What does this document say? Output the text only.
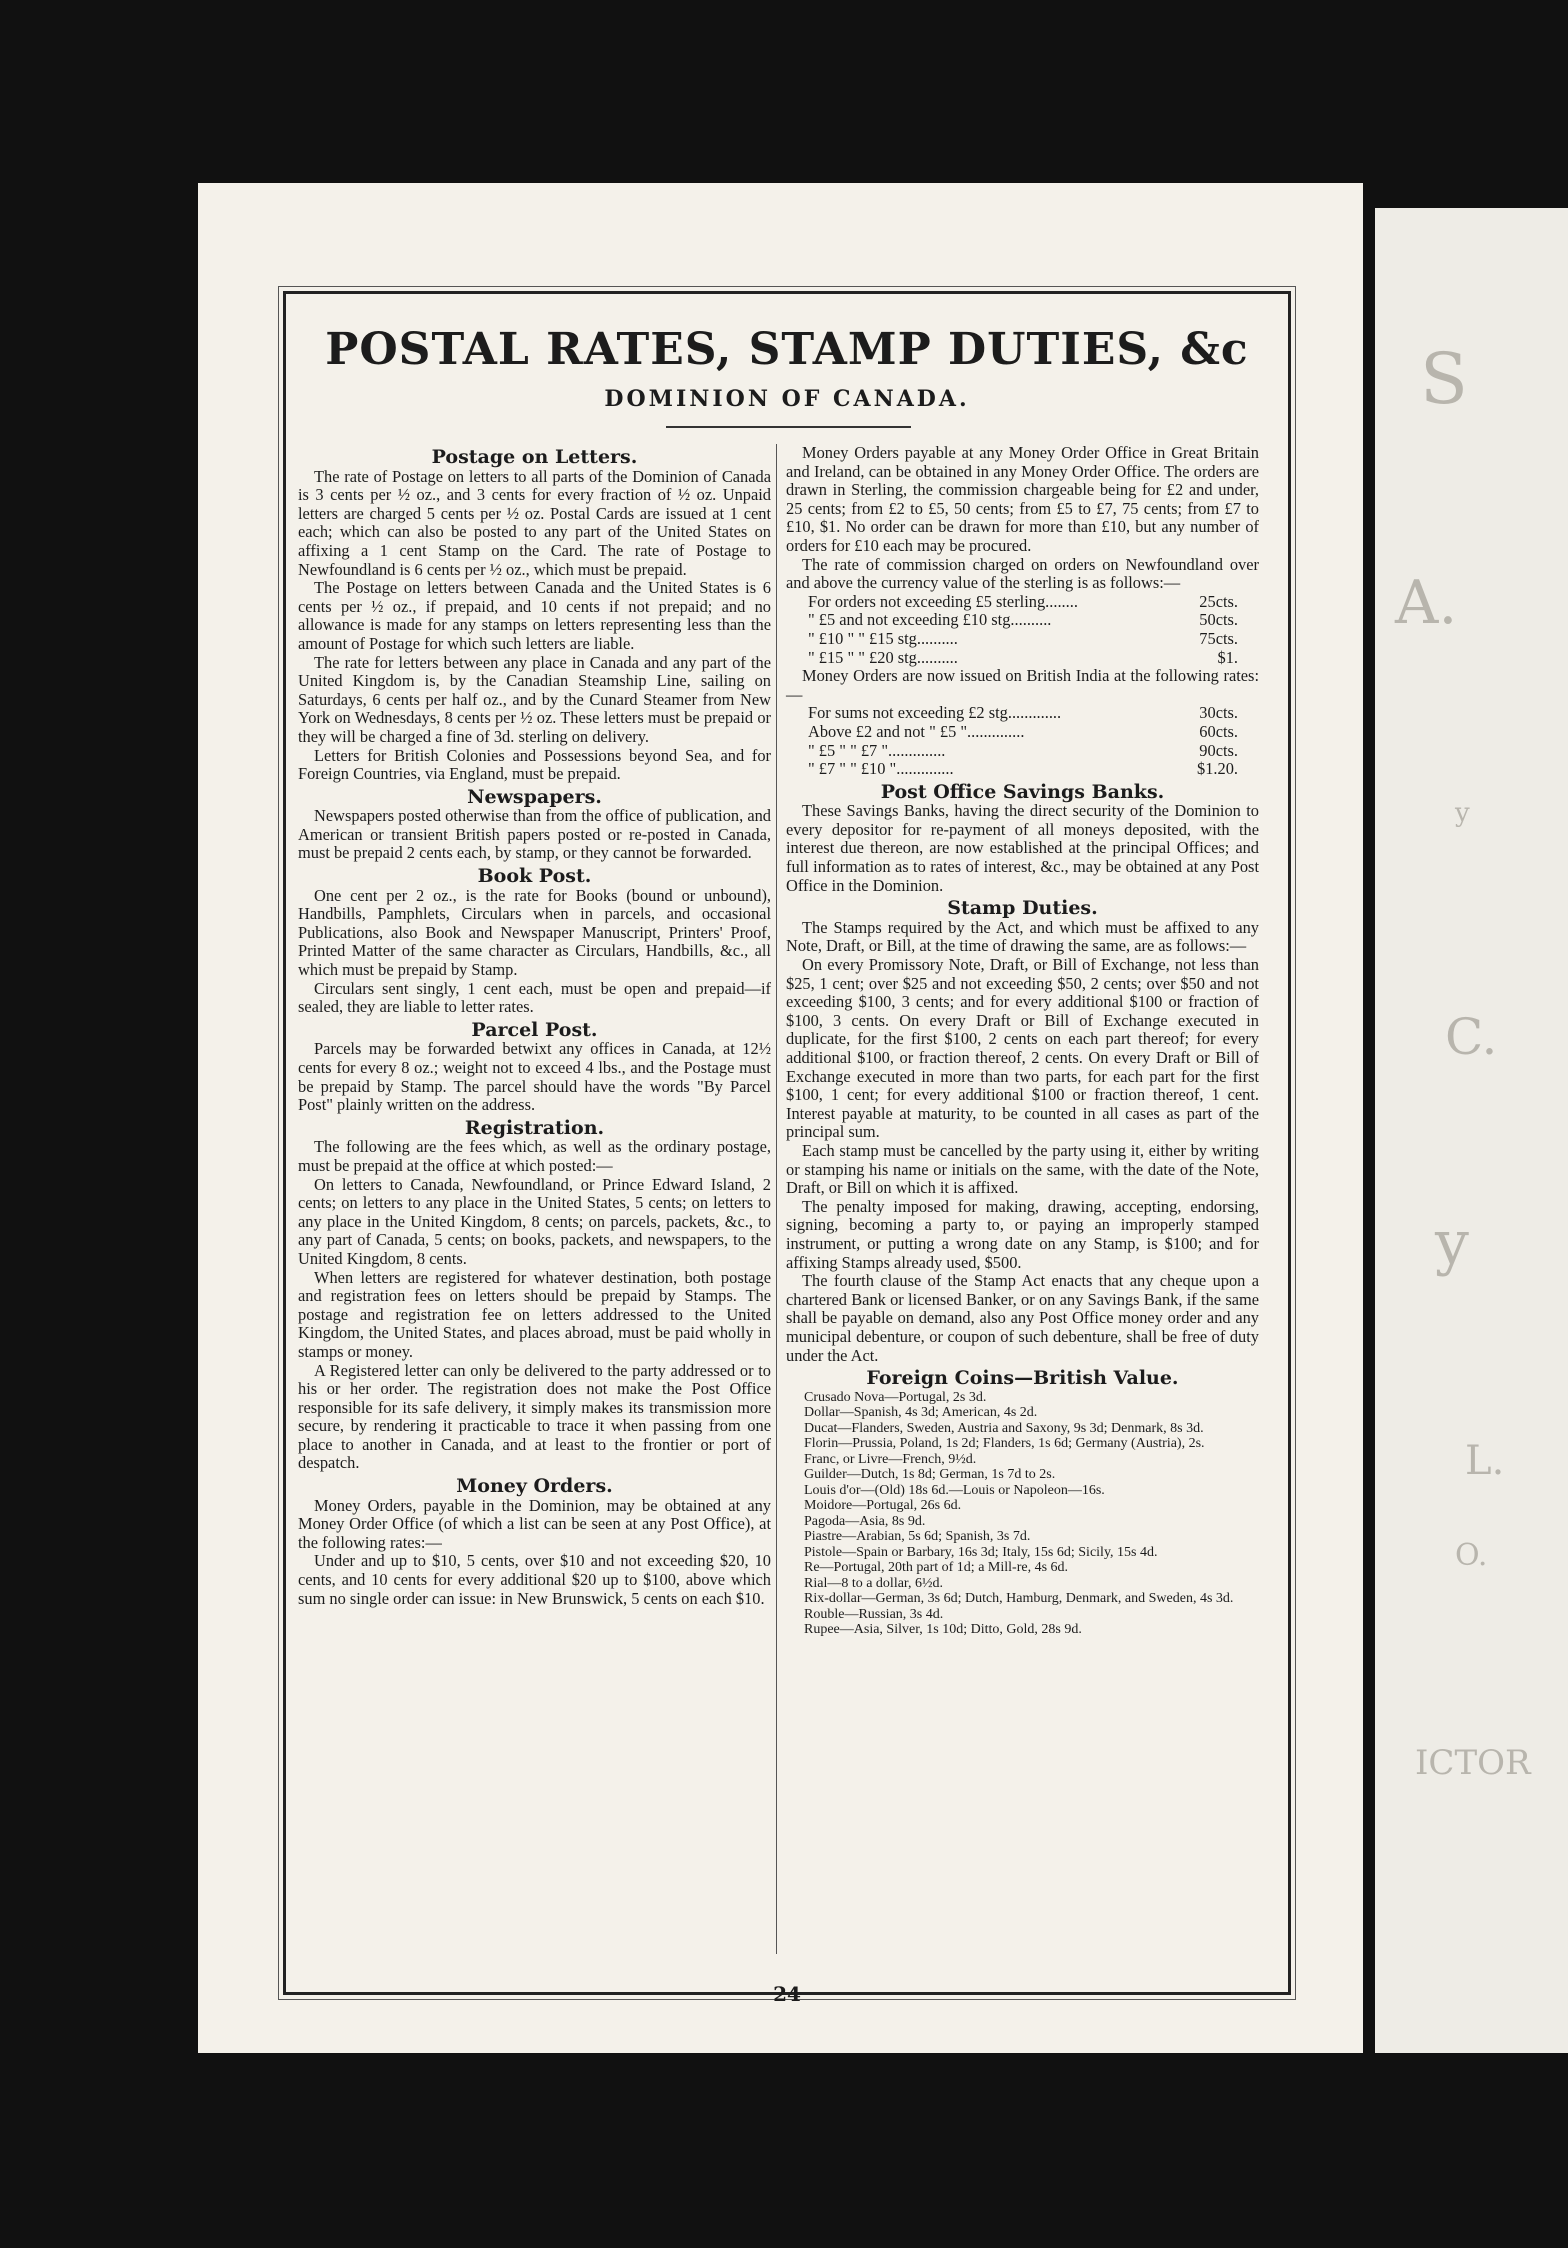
S
A.
y
C.
y
L.
O.
ICTOR
POSTAL RATES, STAMP DUTIES, &c
DOMINION OF CANADA.
Postage on Letters.

The rate of Postage on letters to all parts of the Dominion of Canada is 3 cents per ½ oz., and 3 cents for every fraction of ½ oz. Unpaid letters are charged 5 cents per ½ oz. Postal Cards are issued at 1 cent each; which can also be posted to any part of the United States on affixing a 1 cent Stamp on the Card. The rate of Postage to Newfoundland is 6 cents per ½ oz., which must be prepaid.

The Postage on letters between Canada and the United States is 6 cents per ½ oz., if prepaid, and 10 cents if not prepaid; and no allowance is made for any stamps on letters representing less than the amount of Postage for which such letters are liable.

The rate for letters between any place in Canada and any part of the United Kingdom is, by the Canadian Steamship Line, sailing on Saturdays, 6 cents per half oz., and by the Cunard Steamer from New York on Wednesdays, 8 cents per ½ oz. These letters must be prepaid or they will be charged a fine of 3d. sterling on delivery.

Letters for British Colonies and Possessions beyond Sea, and for Foreign Countries, via England, must be prepaid.

Newspapers.

Newspapers posted otherwise than from the office of publication, and American or transient British papers posted or re-posted in Canada, must be prepaid 2 cents each, by stamp, or they cannot be forwarded.

Book Post.

One cent per 2 oz., is the rate for Books (bound or unbound), Handbills, Pamphlets, Circulars when in parcels, and occasional Publications, also Book and Newspaper Manuscript, Printers' Proof, Printed Matter of the same character as Circulars, Handbills, &c., all which must be prepaid by Stamp.

Circulars sent singly, 1 cent each, must be open and prepaid—if sealed, they are liable to letter rates.

Parcel Post.

Parcels may be forwarded betwixt any offices in Canada, at 12½ cents for every 8 oz.; weight not to exceed 4 lbs., and the Postage must be prepaid by Stamp. The parcel should have the words "By Parcel Post" plainly written on the address.

Registration.

The following are the fees which, as well as the ordinary postage, must be prepaid at the office at which posted:—

On letters to Canada, Newfoundland, or Prince Edward Island, 2 cents; on letters to any place in the United States, 5 cents; on letters to any place in the United Kingdom, 8 cents; on parcels, packets, &c., to any part of Canada, 5 cents; on books, packets, and newspapers, to the United Kingdom, 8 cents.

When letters are registered for whatever destination, both postage and registration fees on letters should be prepaid by Stamps. The postage and registration fee on letters addressed to the United Kingdom, the United States, and places abroad, must be paid wholly in stamps or money.

A Registered letter can only be delivered to the party addressed or to his or her order. The registration does not make the Post Office responsible for its safe delivery, it simply makes its transmission more secure, by rendering it practicable to trace it when passing from one place to another in Canada, and at least to the frontier or port of despatch.

Money Orders.

Money Orders, payable in the Dominion, may be obtained at any Money Order Office (of which a list can be seen at any Post Office), at the following rates:—

Under and up to $10, 5 cents, over $10 and not exceeding $20, 10 cents, and 10 cents for every additional $20 up to $100, above which sum no single order can issue: in New Brunswick, 5 cents on each $10.

Money Orders payable at any Money Order Office in Great Britain and Ireland, can be obtained in any Money Order Office. The orders are drawn in Sterling, the commission chargeable being for £2 and under, 25 cents; from £2 to £5, 50 cents; from £5 to £7, 75 cents; from £7 to £10, $1. No order can be drawn for more than £10, but any number of orders for £10 each may be procured.

The rate of commission charged on orders on Newfoundland over and above the currency value of the sterling is as follows:—

For orders not exceeding £5 sterling........	25cts.
" £5 and not exceeding £10 stg..........	50cts.
" £10 " " £15 stg..........	75cts.
" £15 " " £20 stg..........	$1.

Money Orders are now issued on British India at the following rates:—

For sums not exceeding £2 stg.............	30cts.
Above £2 and not " £5 "..............	60cts.
" £5 " " £7 "..............	90cts.
" £7 " " £10 "..............	$1.20.
Post Office Savings Banks.

These Savings Banks, having the direct security of the Dominion to every depositor for re-payment of all moneys deposited, with the interest due thereon, are now established at the principal Offices; and full information as to rates of interest, &c., may be obtained at any Post Office in the Dominion.

Stamp Duties.

The Stamps required by the Act, and which must be affixed to any Note, Draft, or Bill, at the time of drawing the same, are as follows:—

On every Promissory Note, Draft, or Bill of Exchange, not less than $25, 1 cent; over $25 and not exceeding $50, 2 cents; over $50 and not exceeding $100, 3 cents; and for every additional $100 or fraction of $100, 3 cents. On every Draft or Bill of Exchange executed in duplicate, for the first $100, 2 cents on each part thereof; for every additional $100, or fraction thereof, 2 cents. On every Draft or Bill of Exchange executed in more than two parts, for each part for the first $100, 1 cent; for every additional $100 or fraction thereof, 1 cent. Interest payable at maturity, to be counted in all cases as part of the principal sum.

Each stamp must be cancelled by the party using it, either by writing or stamping his name or initials on the same, with the date of the Note, Draft, or Bill on which it is affixed.

The penalty imposed for making, drawing, accepting, endorsing, signing, becoming a party to, or paying an improperly stamped instrument, or putting a wrong date on any Stamp, is $100; and for affixing Stamps already used, $500.

The fourth clause of the Stamp Act enacts that any cheque upon a chartered Bank or licensed Banker, or on any Savings Bank, if the same shall be payable on demand, also any Post Office money order and any municipal debenture, or coupon of such debenture, shall be free of duty under the Act.

Foreign Coins—British Value.
Crusado Nova—Portugal, 2s 3d.
Dollar—Spanish, 4s 3d; American, 4s 2d.
Ducat—Flanders, Sweden, Austria and Saxony, 9s 3d; Denmark, 8s 3d.
Florin—Prussia, Poland, 1s 2d; Flanders, 1s 6d; Germany (Austria), 2s.
Franc, or Livre—French, 9½d.
Guilder—Dutch, 1s 8d; German, 1s 7d to 2s.
Louis d'or—(Old) 18s 6d.—Louis or Napoleon—16s.
Moidore—Portugal, 26s 6d.
Pagoda—Asia, 8s 9d.
Piastre—Arabian, 5s 6d; Spanish, 3s 7d.
Pistole—Spain or Barbary, 16s 3d; Italy, 15s 6d; Sicily, 15s 4d.
Re—Portugal, 20th part of 1d; a Mill-re, 4s 6d.
Rial—8 to a dollar, 6½d.
Rix-dollar—German, 3s 6d; Dutch, Hamburg, Denmark, and Sweden, 4s 3d.
Rouble—Russian, 3s 4d.
Rupee—Asia, Silver, 1s 10d; Ditto, Gold, 28s 9d.
24
